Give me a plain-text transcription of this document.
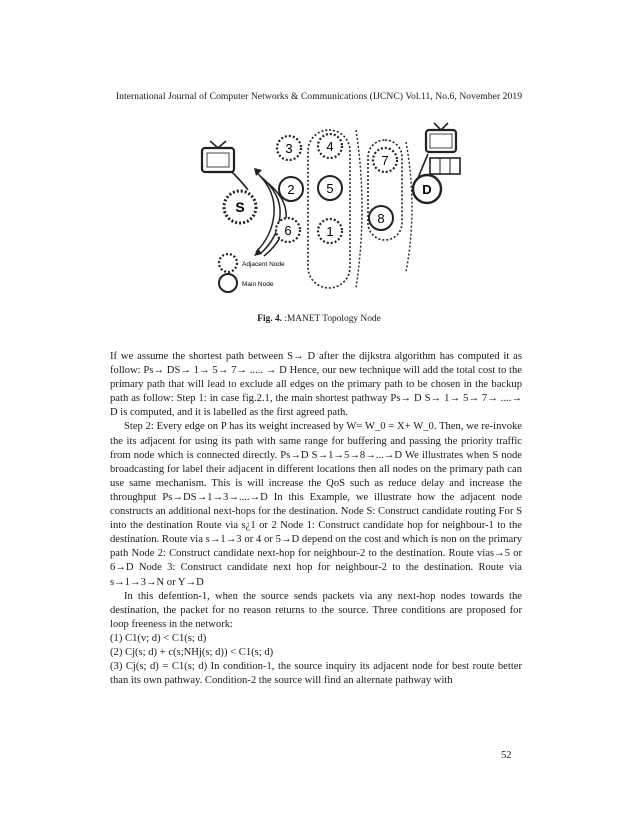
International Journal of Computer Networks & Communications (IJCNC) Vol.11, No.6, November 2019
S
3
2
6
4
5
1
7
8
D
Adjacent Node
Main Node
Fig. 4. :MANET Topology Node

If we assume the shortest path between S→ D after the dijkstra algorithm has computed it as follow: Ps→ DS→ 1→ 5→ 7→ ..... → D Hence, our new technique will add the total cost to the primary path that will lead to exclude all edges on the primary path to be chosen in the backup path as follow: Step 1: in case fig.2.1, the main shortest pathway Ps→ D S→ 1→ 5→ 7→ ....→ D is computed, and it is labelled as the first agreed path.

Step 2: Every edge on P has its weight increased by W= W_0 = X+ W_0. Then, we re-invoke the its adjacent for using its path with same range for buffering and passing the priority traffic from node which is connected directly. Ps→D S→1→5→8→...→D We illustrates when S node broadcasting for label their adjacent in different locations then all nodes on the primary path can use same mechanism. This is will increase the QoS such as reduce delay and increase the throughput Ps→DS→1→3→....→D In this Example, we illustrate how the adjacent node constructs an additional next-hops for the destination. Node S: Construct candidate routing For S into the destination Route via s¿1 or 2 Node 1: Construct candidate hop for neighbour-1 to the destination. Route via s→1→3 or 4 or 5→D depend on the cost and which is non on the primary path Node 2: Construct candidate next-hop for neighbour-2 to the destination. Route vias→5 or 6→D Node 3: Construct candidate next hop for neighbour-2 to the destination. Route via s→1→3→N or Y→D

In this defention-1, when the source sends packets via any next-hop nodes towards the destination, the packet for no reason returns to the source. Three conditions are proposed for loop freeness in the network:

(1) C1(v; d) < C1(s; d)

(2) Cj(s; d) + c(s;NHj(s; d)) < C1(s; d)

(3) Cj(s; d) = C1(s; d) In condition-1, the source inquiry its adjacent node for best route better than its own pathway. Condition-2 the source will find an alternate pathway with

52
